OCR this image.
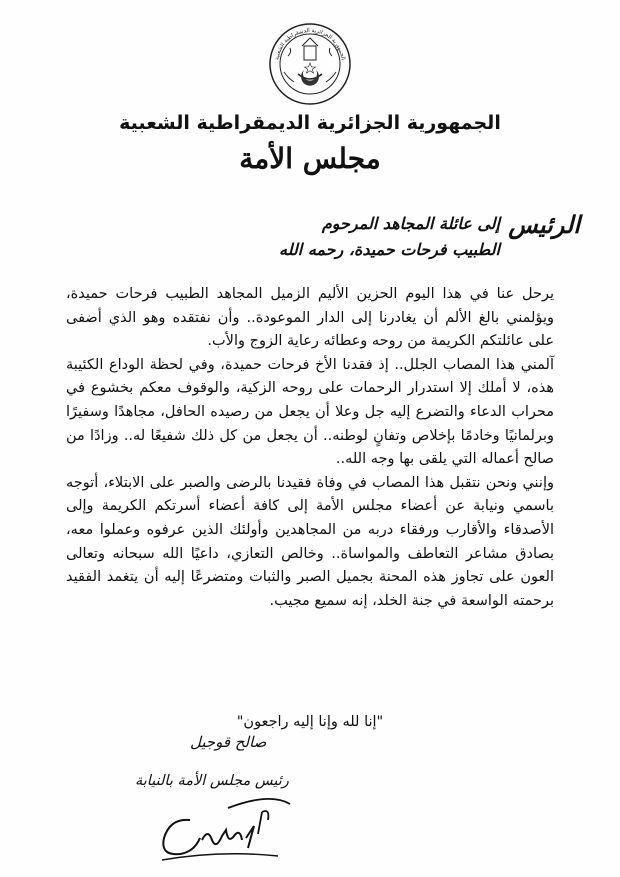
الجمهورية الجزائرية الديمقراطية الشعبية
الجمهورية الجزائرية الديمقراطية الشعبية
مجلس الأمة
الرئيس
إلى عائلة المجاهد المرحوم
الطبيب فرحات حميدة، رحمه الله

يرحل عنا في هذا اليوم الحزين الأليم الزميل المجاهد الطبيب فرحات حميدة، ويؤلمني بالغ الألم أن يغادرنا إلى الدار الموعودة.. وأن نفتقده وهو الذي أضفى على عائلتكم الكريمة من روحه وعطائه رعاية الزوج والأب.

آلمني هذا المصاب الجلل.. إذ فقدنا الأخ فرحات حميدة، وفي لحظة الوداع الكئيبة هذه، لا أملك إلا استدرار الرحمات على روحه الزكية، والوقوف معكم بخشوع في محراب الدعاء والتضرع إليه جل وعلا أن يجعل من رصيده الحافل، مجاهدًا وسفيرًا وبرلمانيًا وخادمًا بإخلاص وتفانٍ لوطنه.. أن يجعل من كل ذلك شفيعًا له.. وزادًا من صالح أعماله التي يلقى بها وجه الله..

وإنني ونحن نتقبل هذا المصاب في وفاة فقيدنا بالرضى والصبر على الابتلاء، أتوجه باسمي ونيابة عن أعضاء مجلس الأمة إلى كافة أعضاء أسرتكم الكريمة وإلى الأصدقاء والأقارب ورفقاء دربه من المجاهدين وأولئك الذين عرفوه وعملوا معه، بصادق مشاعر التعاطف والمواساة.. وخالص التعازي، داعيًا الله سبحانه وتعالى العون على تجاوز هذه المحنة بجميل الصبر والثبات ومتضرعًا إليه أن يتغمد الفقيد برحمته الواسعة في جنة الخلد، إنه سميع مجيب.

"إنا لله وإنا إليه راجعون"
صالح قوجيل
رئيس مجلس الأمة بالنيابة
